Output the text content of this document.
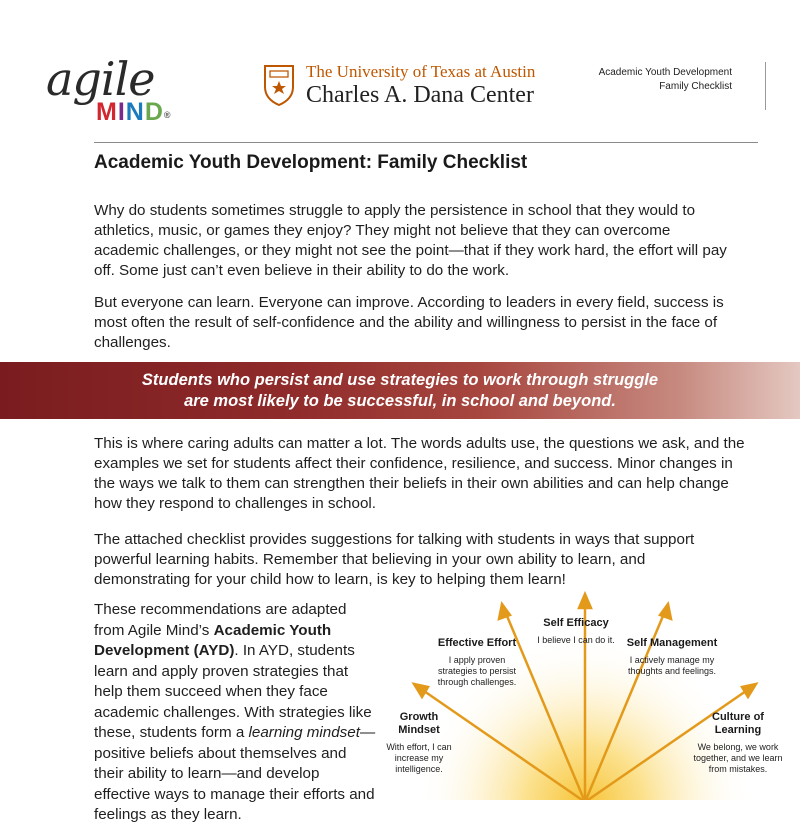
agile
MIND®
The University of Texas at Austin
Charles A. Dana Center
Academic Youth Development
Family Checklist
Academic Youth Development: Family Checklist

Why do students sometimes struggle to apply the persistence in school that they would to athletics, music, or games they enjoy? They might not believe that they can overcome academic challenges, or they might not see the point—that if they work hard, the effort will pay off. Some just can’t even believe in their ability to do the work.

But everyone can learn. Everyone can improve. According to leaders in every field, success is most often the result of self-confidence and the ability and willingness to persist in the face of challenges.

Students who persist and use strategies to work through struggle
are most likely to be successful, in school and beyond.

This is where caring adults can matter a lot. The words adults use, the questions we ask, and the examples we set for students affect their confidence, resilience, and success. Minor changes in the ways we talk to them can strengthen their beliefs in their own abilities and can help change how they respond to challenges in school.

The attached checklist provides suggestions for talking with students in ways that support powerful learning habits. Remember that believing in your own ability to learn, and demonstrating for your child how to learn, is key to helping them learn!

These recommendations are adapted from Agile Mind’s Academic Youth Development (AYD). In AYD, students learn and apply proven strategies that help them succeed when they face academic challenges. With strategies like these, students form a learning mindset—positive beliefs about themselves and their ability to learn—and develop effective ways to manage their efforts and feelings as they learn.

Self Efficacy
I believe I can do it.
Effective Effort
I apply proven strategies to persist through challenges.
Self Management
I actively manage my thoughts and feelings.
Growth Mindset
With effort, I can increase my intelligence.
Culture of Learning
We belong, we work together, and we learn from mistakes.
